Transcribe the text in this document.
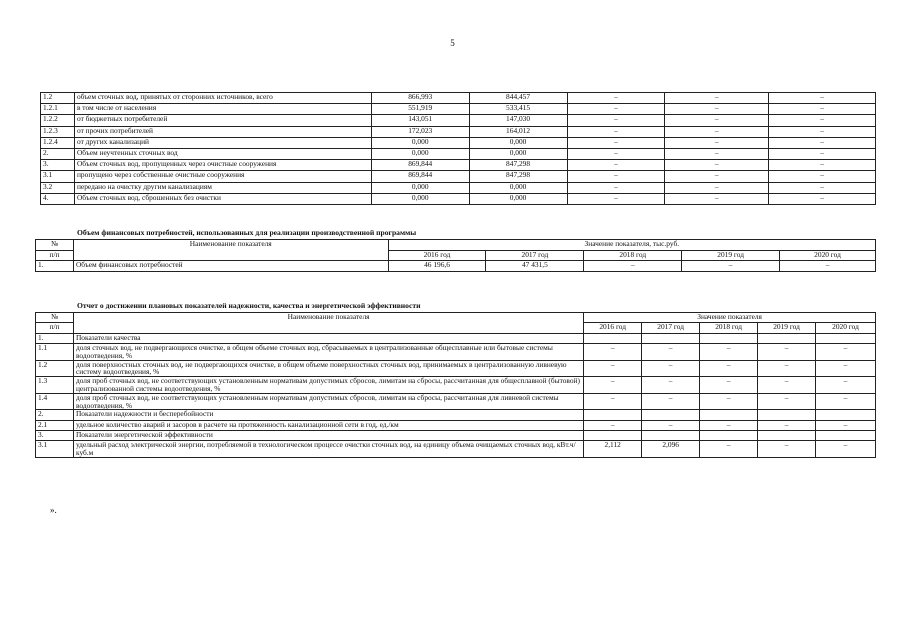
5
1.2	объем сточных вод, принятых от сторонних источников, всего	866,993	844,457	–	–	–
1.2.1	в том числе от населения	551,919	533,415	–	–	–
1.2.2	от бюджетных потребителей	143,051	147,030	–	–	–
1.2.3	от прочих потребителей	172,023	164,012	–	–	–
1.2.4	от других канализаций	0,000	0,000	–	–	–
2.	Объем неучтенных сточных вод	0,000	0,000	–	–	–
3.	Объем сточных вод, пропущенных через очистные сооружения	869,844	847,298	–	–	–
3.1	пропущено через собственные очистные сооружения	869,844	847,298	–	–	–
3.2	передано на очистку другим канализациям	0,000	0,000	–	–	–
4.	Объем сточных вод, сброшенных без очистки	0,000	0,000	–	–	–
Объем финансовых потребностей, использованных для реализации производственной программы
№	Наименование показателя	Значение показателя, тыс.руб.				
п/п		2016 год	2017 год	2018 год	2019 год	2020 год
1.	Объем финансовых потребностей	46 196,6	47 431,5	–	–	–
Отчет о достижении плановых показателей надежности, качества и энергетической эффективности
№	Наименование показателя	Значение показателя				
п/п		2016 год	2017 год	2018 год	2019 год	2020 год
1.	Показатели качества					
1.1	доля сточных вод, не подвергающихся очистке, в общем объеме сточных вод, сбрасываемых в централизованные общесплавные или бытовые системы водоотведения, %	–	–	–	–	–
1.2	доля поверхностных сточных вод, не подвергающихся очистке, в общем объеме поверхностных сточных вод, принимаемых в централизованную ливневую систему водоотведения, %	–	–	–	–	–
1.3	доля проб сточных вод, не соответствующих установленным нормативам допустимых сбросов, лимитам на сбросы, рассчитанная для общесплавной (бытовой) централизованной системы водоотведения, %	–	–	–	–	–
1.4	доля проб сточных вод, не соответствующих установленным нормативам допустимых сбросов, лимитам на сбросы, рассчитанная для ливневой системы водоотведения, %	–	–	–	–	–
2.	Показатели надежности и бесперебойности					
2.1	удельное количество аварий и засоров в расчете на протяженность канализационной сети в год, ед./км	–	–	–	–	–
3.	Показатели энергетической эффективности					
3.1	удельный расход электрической энергии, потребляемой в технологическом процессе очистки сточных вод, на единицу объема очищаемых сточных вод, кВт.ч/куб.м	2,112	2,096	–	–	–
».
